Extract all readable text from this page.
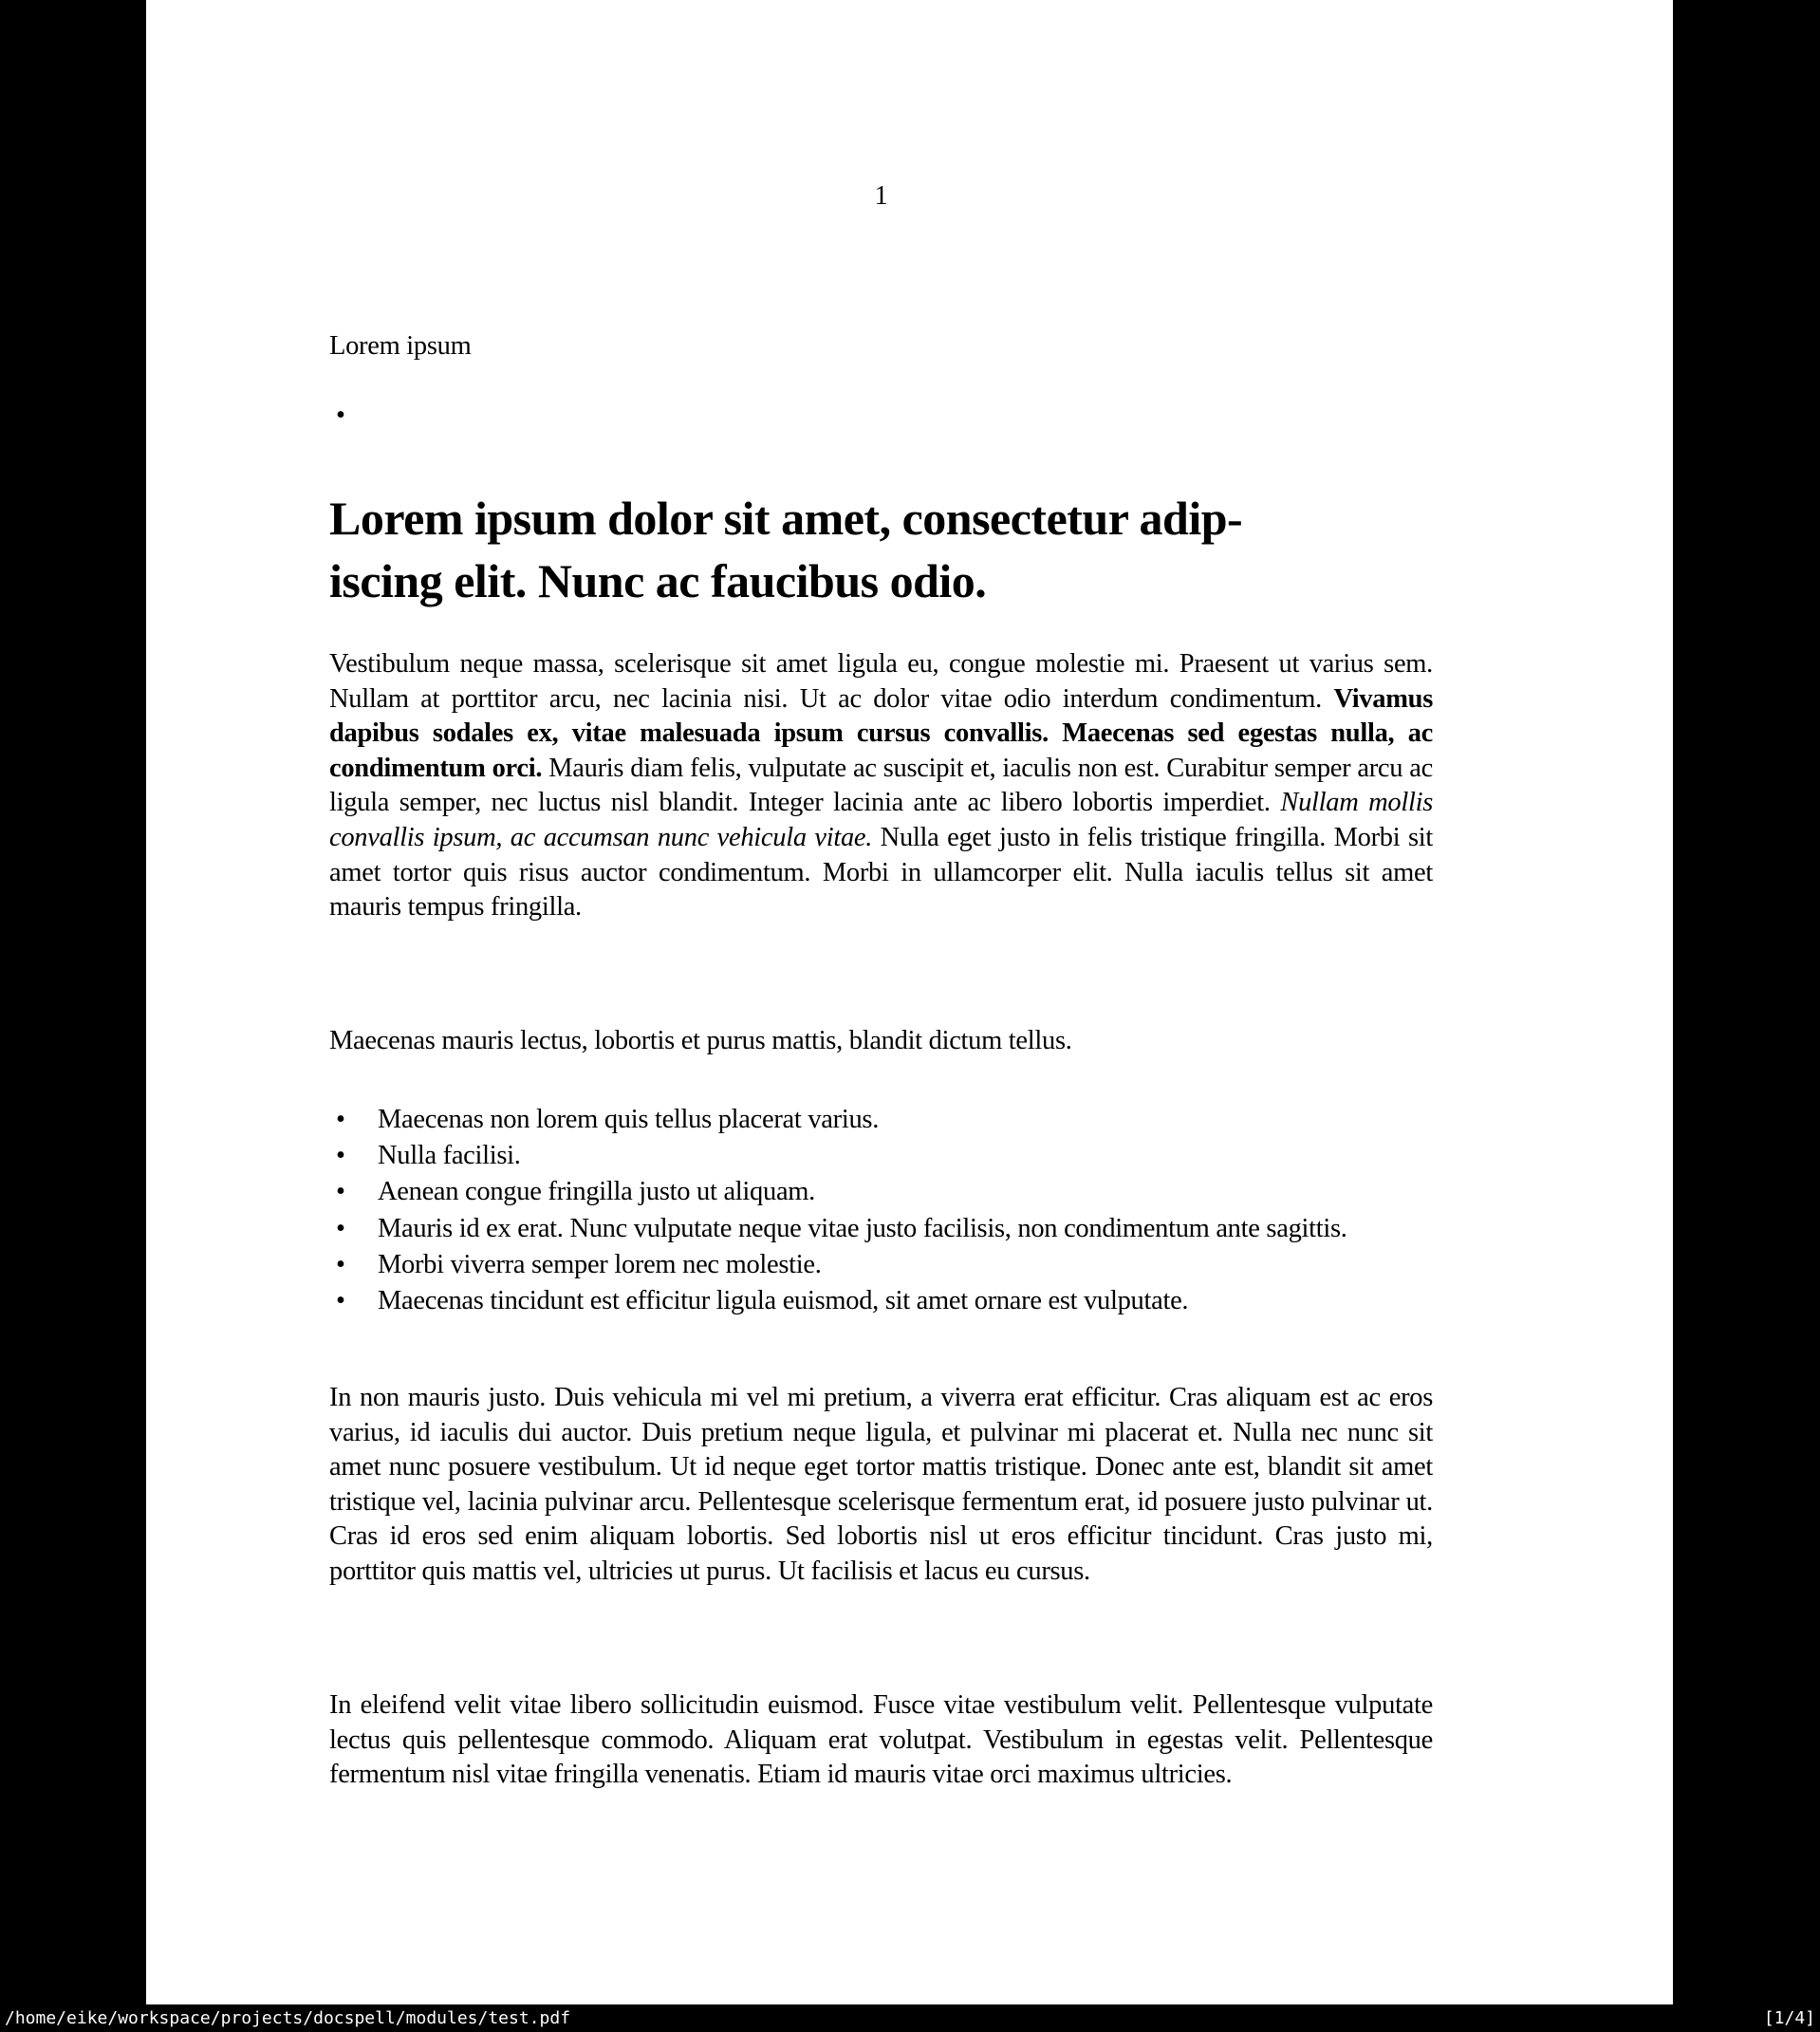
1
Lorem ipsum
•
Lorem ipsum dolor sit amet, consectetur adip-
iscing elit. Nunc ac faucibus odio.

Vestibulum neque massa, scelerisque sit amet ligula eu, congue molestie mi. Praesent ut varius sem. Nullam at porttitor arcu, nec lacinia nisi. Ut ac dolor vitae odio interdum condimentum. Vivamus dapibus sodales ex, vitae malesuada ipsum cursus convallis. Maecenas sed egestas nulla, ac condimentum orci. Mauris diam felis, vulputate ac suscipit et, iaculis non est. Curabitur semper arcu ac ligula semper, nec luctus nisl blandit. Integer lacinia ante ac libero lobortis imperdiet. Nullam mollis convallis ipsum, ac accumsan nunc vehicula vitae. Nulla eget justo in felis tristique fringilla. Morbi sit amet tortor quis risus auctor condimentum. Morbi in ullamcorper elit. Nulla iaculis tellus sit amet mauris tempus fringilla.

Maecenas mauris lectus, lobortis et purus mattis, blandit dictum tellus.

• Maecenas non lorem quis tellus placerat varius.
• Nulla facilisi.
• Aenean congue fringilla justo ut aliquam.
• Mauris id ex erat. Nunc vulputate neque vitae justo facilisis, non condimentum ante sagittis.
• Morbi viverra semper lorem nec molestie.
• Maecenas tincidunt est efficitur ligula euismod, sit amet ornare est vulputate.

In non mauris justo. Duis vehicula mi vel mi pretium, a viverra erat efficitur. Cras aliquam est ac eros varius, id iaculis dui auctor. Duis pretium neque ligula, et pulvinar mi placerat et. Nulla nec nunc sit amet nunc posuere vestibulum. Ut id neque eget tortor mattis tristique. Donec ante est, blandit sit amet tristique vel, lacinia pulvinar arcu. Pellentesque scelerisque fermentum erat, id posuere justo pulvinar ut. Cras id eros sed enim aliquam lobortis. Sed lobortis nisl ut eros efficitur tincidunt. Cras justo mi, porttitor quis mattis vel, ultricies ut purus. Ut facilisis et lacus eu cursus.

In eleifend velit vitae libero sollicitudin euismod. Fusce vitae vestibulum velit. Pellentesque vulputate lectus quis pellentesque commodo. Aliquam erat volutpat. Vestibulum in egestas velit. Pellentesque fermentum nisl vitae fringilla venenatis. Etiam id mauris vitae orci maximus ultricies.

/home/eike/workspace/projects/docspell/modules/test.pdf	[1/4]
